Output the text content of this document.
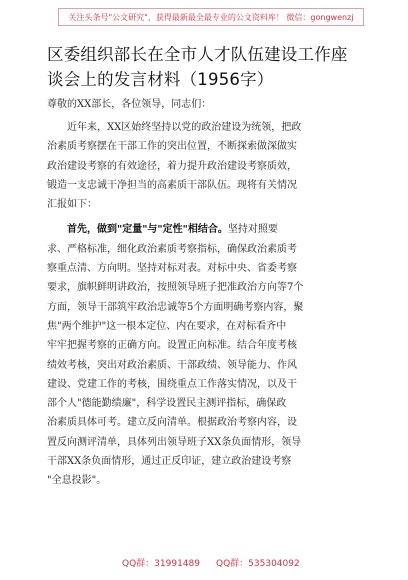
关注头条号"公文研究"，获得最新最全最专业的公文资料库！ 微信：gongwenzj
区委组织部长在全市人才队伍建设工作座
谈会上的发言材料（1956字）
尊敬的XX部长，各位领导，同志们：
近年来，XX区始终坚持以党的政治建设为统领，把政
治素质考察摆在干部工作的突出位置，不断探索做深做实
政治建设考察的有效途径，着力提升政治建设考察质效，
锻造一支忠诚干净担当的高素质干部队伍。现将有关情况
汇报如下：
首先，做到"定量"与"定性"相结合。坚持对照要
求、严格标准，细化政治素质考察指标，确保政治素质考
察重点清、方向明。坚持对标对表。对标中央、省委考察
要求，旗帜鲜明讲政治，按照领导班子把准政治方向等7个
方面，领导干部筑牢政治忠诚等5个方面明确考察内容，聚
焦"两个维护"这一根本定位、内在要求，在对标看齐中
牢牢把握考察的正确方向。设置正向标准。结合年度考核
绩效考核，突出对政治素质、干部政绩、领导能力、作风
建设、党建工作的考核，围绕重点工作落实情况，以及干
部个人"德能勤绩廉"，科学设置民主测评指标，确保政
治素质具体可考。建立反向清单。根据政治考察内容，设
置反向测评清单，具体列出领导班子XX条负面情形，领导
干部XX条负面情形，通过正反印证，建立政治建设考察
"全息投影"。
QQ群：31991489 QQ群：535304092
